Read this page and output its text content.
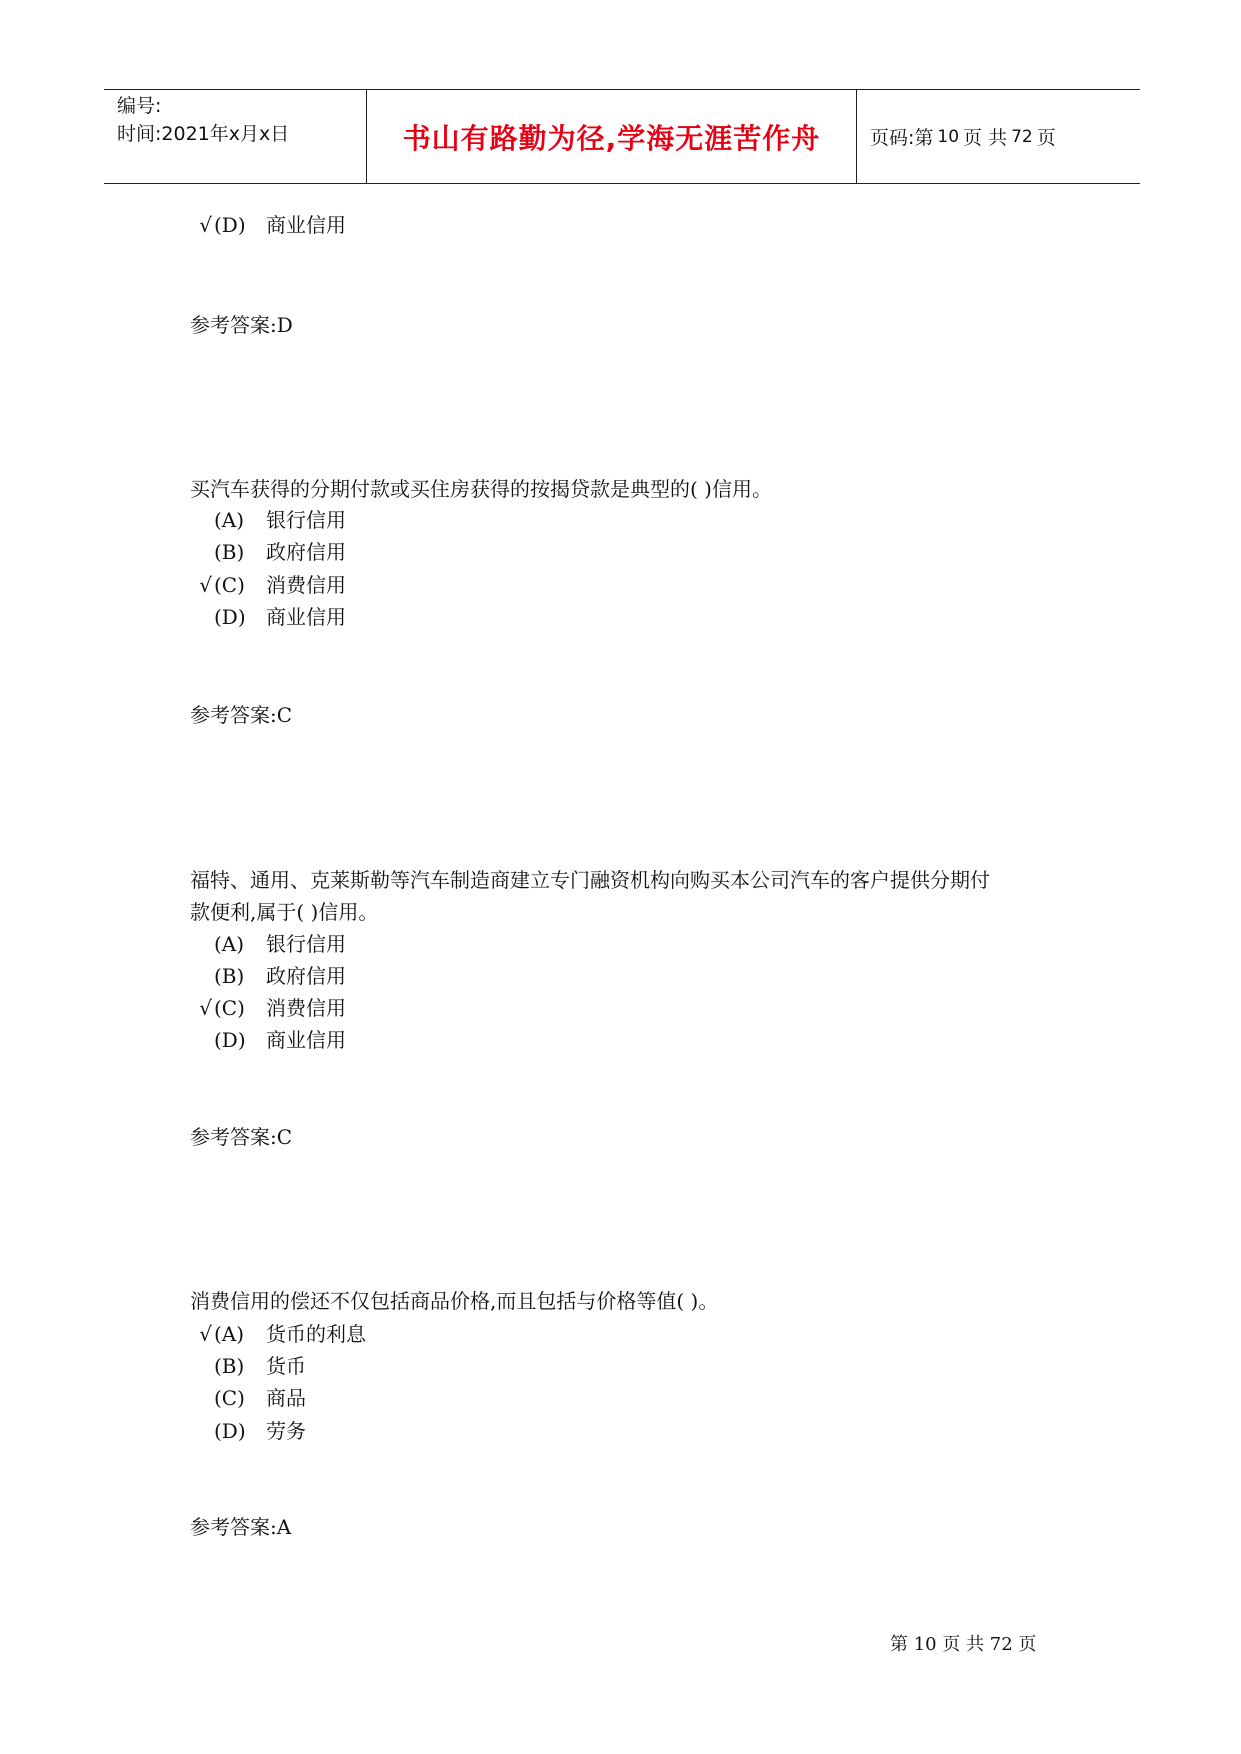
编号:
时间:2021年x月x日	书山有路勤为径,学海无涯苦作舟	页码:第 10 页 共 72 页
√ (D)	商业信用
参考答案:D
买汽车获得的分期付款或买住房获得的按揭贷款是典型的( )信用。
(A)	银行信用
(B)	政府信用
√ (C)	消费信用
(D)	商业信用
参考答案:C
福特、通用、克莱斯勒等汽车制造商建立专门融资机构向购买本公司汽车的客户提供分期付
款便利,属于( )信用。
(A)	银行信用
(B)	政府信用
√ (C)	消费信用
(D)	商业信用
参考答案:C
消费信用的偿还不仅包括商品价格,而且包括与价格等值( )。
√ (A)	货币的利息
(B)	货币
(C)	商品
(D)	劳务
参考答案:A
第 10 页 共 72 页
